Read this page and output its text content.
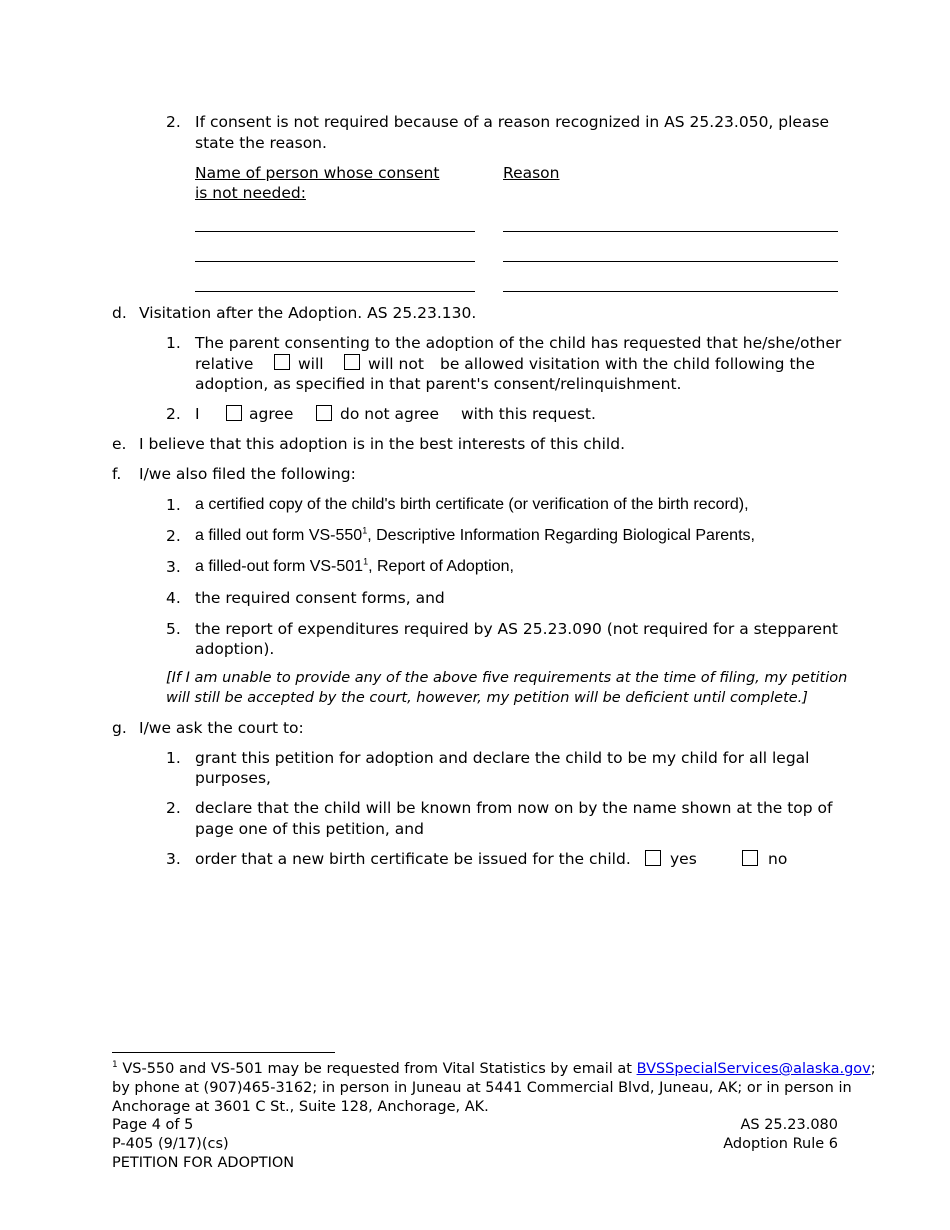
2. If consent is not required because of a reason recognized in AS 25.23.050, please
state the reason.
Name of person whose consent
is not needed:
Reason
d. Visitation after the Adoption. AS 25.23.130.
1. The parent consenting to the adoption of the child has requested that he/she/other
relative	will	will not be allowed visitation with the child following the
adoption, as specified in that parent's consent/relinquishment.
2. I	agree	do not agree with this request.
e. I believe that this adoption is in the best interests of this child.
f. I/we also filed the following:
1. a certified copy of the child's birth certificate (or verification of the birth record),
2. a filled out form $VS-550^1$, Descriptive Information Regarding Biological Parents,
3. a filled-out form $VS-501^1$, Report of Adoption,
4. the required consent forms, and
5. the report of expenditures required by AS 25.23.090 (not required for a stepparent
adoption).
[If I am unable to provide any of the above five requirements at the time of filing, my petition
will still be accepted by the court, however, my petition will be deficient until complete.]
g. I/we ask the court to:
1. grant this petition for adoption and declare the child to be my child for all legal
purposes,
2. declare that the child will be known from now on by the name shown at the top of
page one of this petition, and
3. order that a new birth certificate be issued for the child.	yes	no
$^1$ VS-550 and VS-501 may be requested from Vital Statistics by email at BVSSpecialServices@alaska.gov;
by phone at (907)465-3162; in person in Juneau at 5441 Commercial Blvd, Juneau, AK; or in person in
Anchorage at 3601 C St., Suite 128, Anchorage, AK.
Page 4 of 5
P-405 (9/17)(cs)
PETITION FOR ADOPTION
AS 25.23.080
Adoption Rule 6
